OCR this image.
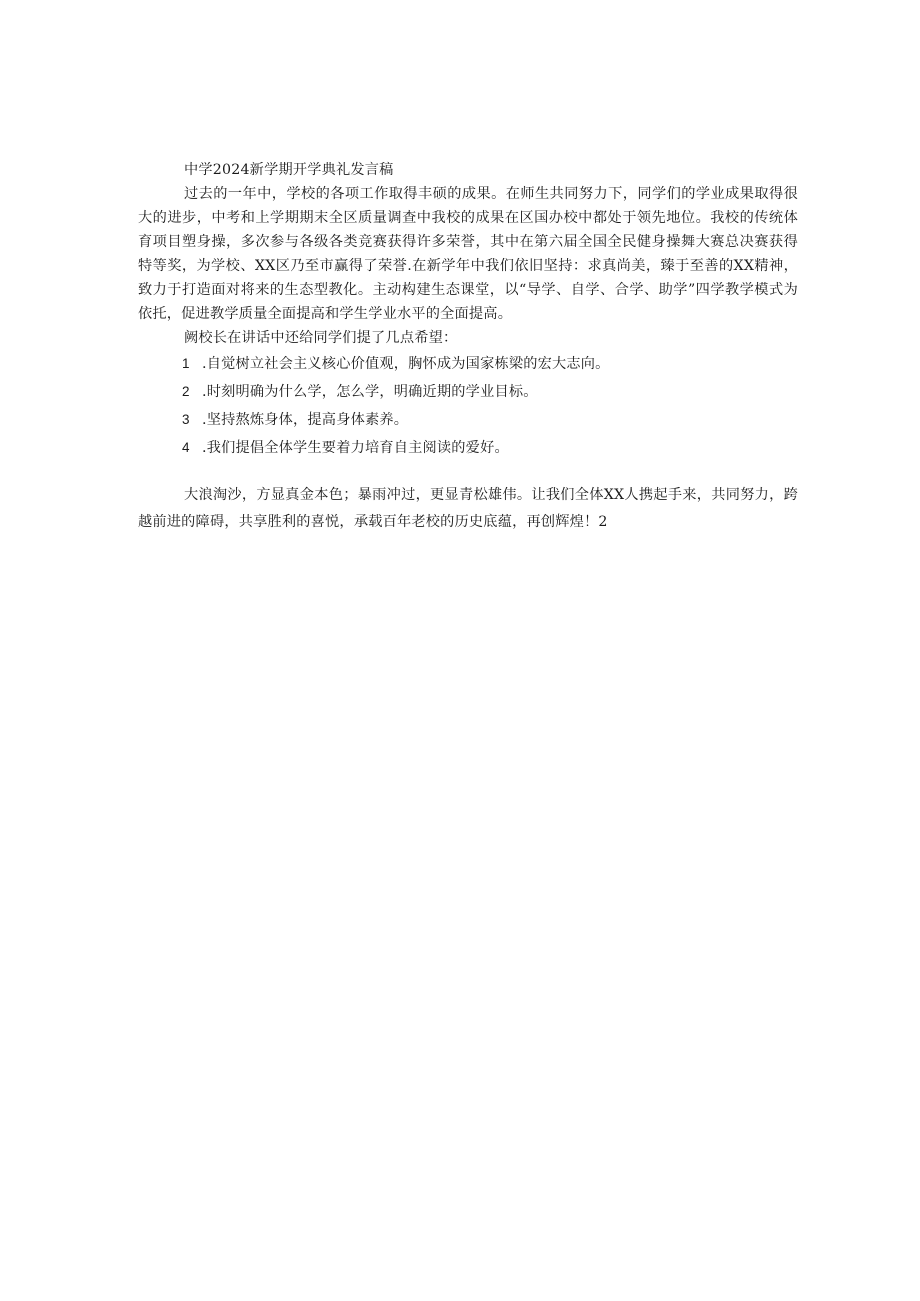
中学2024新学期开学典礼发言稿

过去的一年中，学校的各项工作取得丰硕的成果。在师生共同努力下，同学们的学业成果取得很大的进步，中考和上学期期末全区质量调查中我校的成果在区国办校中都处于领先地位。我校的传统体育项目塑身操，多次参与各级各类竞赛获得许多荣誉，其中在第六届全国全民健身操舞大赛总决赛获得特等奖，为学校、XX区乃至市赢得了荣誉.在新学年中我们依旧坚持：求真尚美，臻于至善的XX精神，致力于打造面对将来的生态型教化。主动构建生态课堂，以“导学、自学、合学、助学”四学教学模式为依托，促进教学质量全面提高和学生学业水平的全面提高。

阙校长在讲话中还给同学们提了几点希望：

1 .自觉树立社会主义核心价值观，胸怀成为国家栋梁的宏大志向。
2 .时刻明确为什么学，怎么学，明确近期的学业目标。
3 .坚持熬炼身体，提高身体素养。
4 .我们提倡全体学生要着力培育自主阅读的爱好。

大浪淘沙，方显真金本色；暴雨冲过，更显青松雄伟。让我们全体XX人携起手来，共同努力，跨越前进的障碍，共享胜利的喜悦，承载百年老校的历史底蕴，再创辉煌！2
